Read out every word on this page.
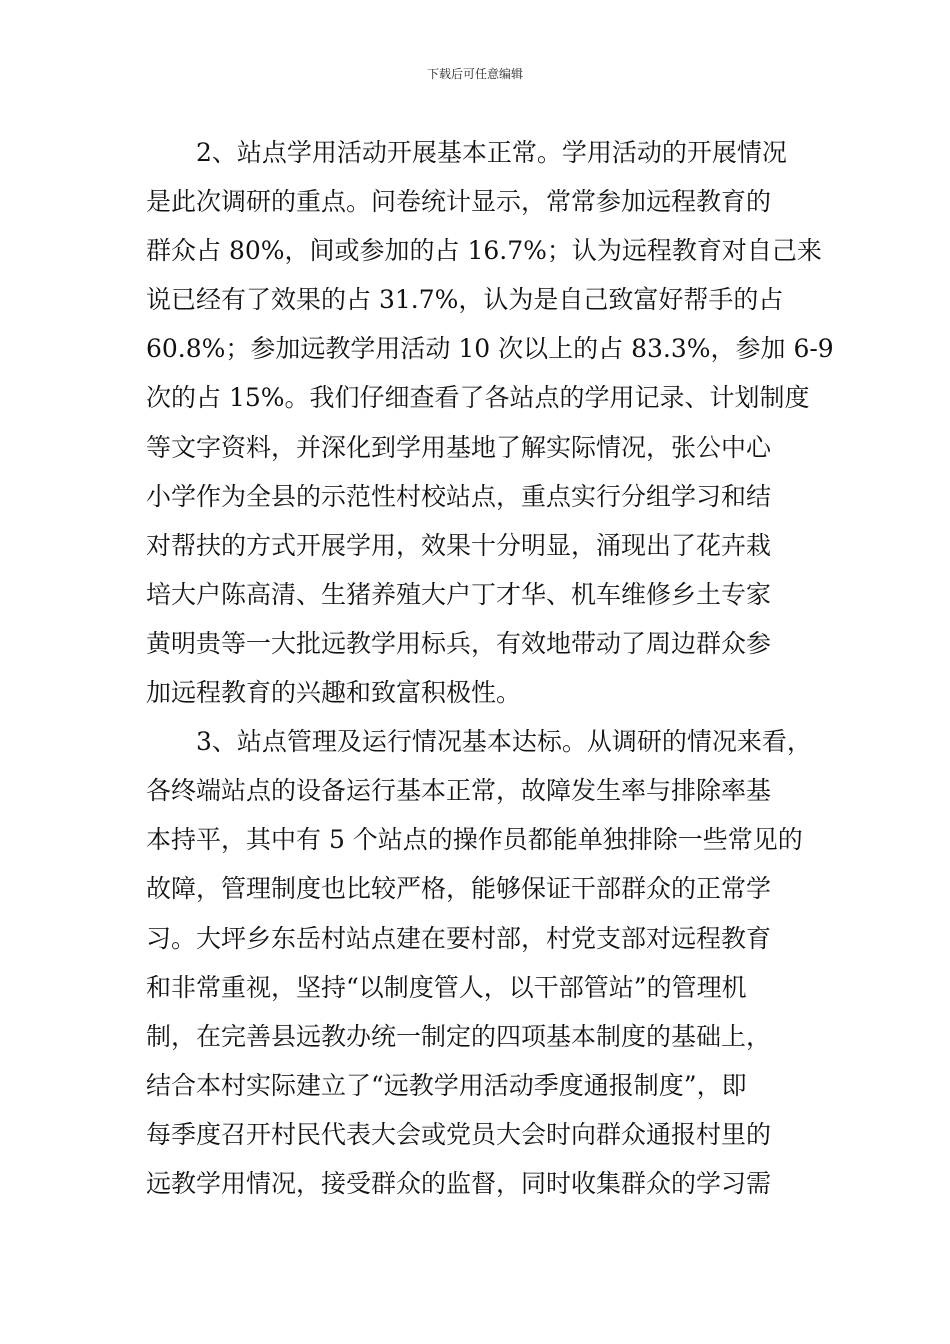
下载后可任意编辑
2、站点学用活动开展基本正常。学用活动的开展情况
是此次调研的重点。问卷统计显示，常常参加远程教育的
群众占 80%，间或参加的占 16.7%；认为远程教育对自己来
说已经有了效果的占 31.7%，认为是自己致富好帮手的占
60.8%；参加远教学用活动 10 次以上的占 83.3%，参加 6-9
次的占 15%。我们仔细查看了各站点的学用记录、计划制度
等文字资料，并深化到学用基地了解实际情况，张公中心
小学作为全县的示范性村校站点，重点实行分组学习和结
对帮扶的方式开展学用，效果十分明显，涌现出了花卉栽
培大户陈高清、生猪养殖大户丁才华、机车维修乡土专家
黄明贵等一大批远教学用标兵，有效地带动了周边群众参
加远程教育的兴趣和致富积极性。
3、站点管理及运行情况基本达标。从调研的情况来看，
各终端站点的设备运行基本正常，故障发生率与排除率基
本持平，其中有 5 个站点的操作员都能单独排除一些常见的
故障，管理制度也比较严格，能够保证干部群众的正常学
习。大坪乡东岳村站点建在要村部，村党支部对远程教育
和非常重视，坚持“以制度管人，以干部管站”的管理机
制，在完善县远教办统一制定的四项基本制度的基础上，
结合本村实际建立了“远教学用活动季度通报制度”，即
每季度召开村民代表大会或党员大会时向群众通报村里的
远教学用情况，接受群众的监督，同时收集群众的学习需
